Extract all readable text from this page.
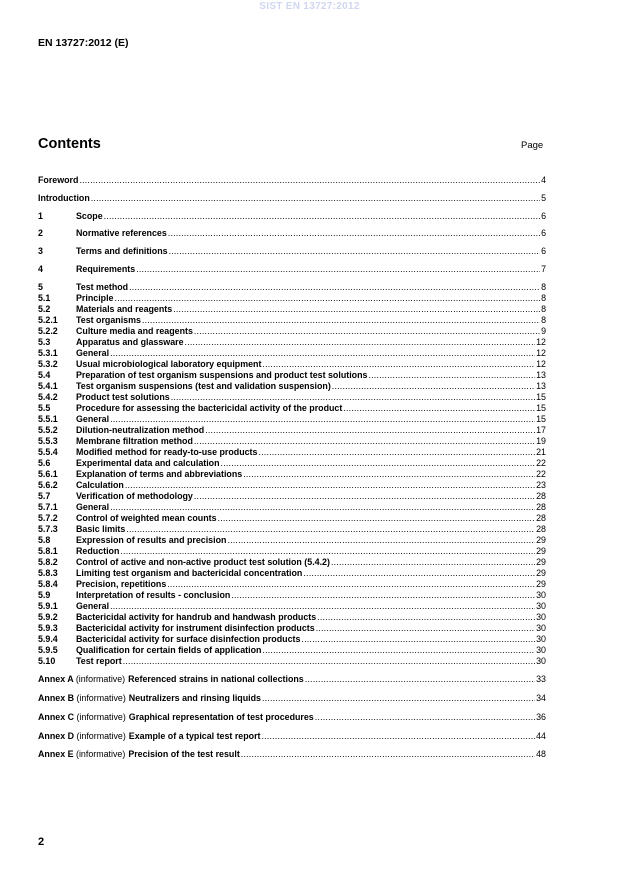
SIST EN 13727:2012
EN 13727:2012 (E)
Contents	Page
Foreword .....	4
Introduction .....	5
1	Scope .....	6
2	Normative references .....	6
3	Terms and definitions .....	6
4	Requirements .....	7
5	Test method .....	8
5.1	Principle .....	8
5.2	Materials and reagents .....	8
5.2.1	Test organisms .....	8
5.2.2	Culture media and reagents .....	9
5.3	Apparatus and glassware .....	12
5.3.1	General .....	12
5.3.2	Usual microbiological laboratory equipment .....	12
5.4	Preparation of test organism suspensions and product test solutions .....	13
5.4.1	Test organism suspensions (test and validation suspension) .....	13
5.4.2	Product test solutions .....	15
5.5	Procedure for assessing the bactericidal activity of the product .....	15
5.5.1	General .....	15
5.5.2	Dilution-neutralization method .....	17
5.5.3	Membrane filtration method .....	19
5.5.4	Modified method for ready-to-use products .....	21
5.6	Experimental data and calculation .....	22
5.6.1	Explanation of terms and abbreviations .....	22
5.6.2	Calculation .....	23
5.7	Verification of methodology .....	28
5.7.1	General .....	28
5.7.2	Control of weighted mean counts .....	28
5.7.3	Basic limits .....	28
5.8	Expression of results and precision .....	29
5.8.1	Reduction .....	29
5.8.2	Control of active and non-active product test solution (5.4.2) .....	29
5.8.3	Limiting test organism and bactericidal concentration .....	29
5.8.4	Precision, repetitions .....	29
5.9	Interpretation of results - conclusion .....	30
5.9.1	General .....	30
5.9.2	Bactericidal activity for handrub and handwash products .....	30
5.9.3	Bactericidal activity for instrument disinfection products .....	30
5.9.4	Bactericidal activity for surface disinfection products .....	30
5.9.5	Qualification for certain fields of application .....	30
5.10	Test report .....	30
Annex A (informative) Referenced strains in national collections .....	33
Annex B (informative) Neutralizers and rinsing liquids .....	34
Annex C (informative) Graphical representation of test procedures .....	36
Annex D (informative) Example of a typical test report .....	44
Annex E (informative) Precision of the test result .....	48
2
